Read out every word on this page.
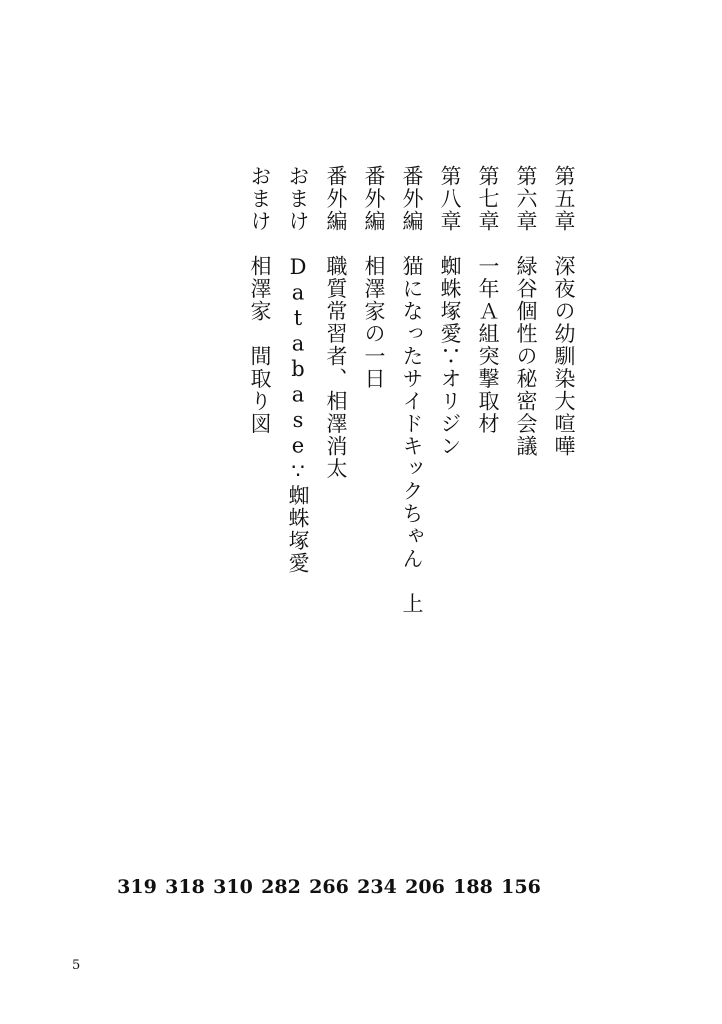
第五章　深夜の幼馴染大喧嘩
第六章　緑谷個性の秘密会議
第七章　一年Ａ組突撃取材
第八章　蜘蛛塚愛∵オリジン
番外編　猫になったサイドキックちゃん　上
番外編　相澤家の一日
番外編　職質常習者、相澤消太
おまけ　Database∵蜘蛛塚愛
おまけ　相澤家　間取り図
319 318 310 282 266 234 206 188 156
5
